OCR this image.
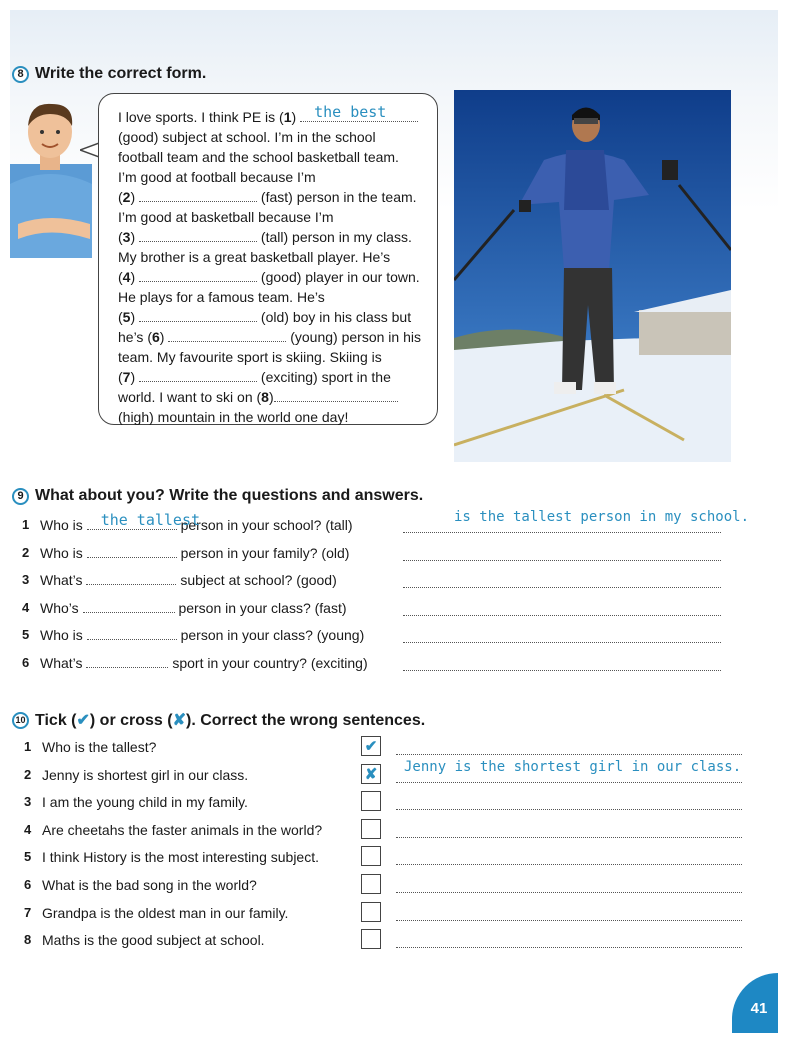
8 Write the correct form.
I love sports. I think PE is (1) the best
(good) subject at school. I’m in the school
football team and the school basketball team.
I’m good at football because I’m
(2)	(fast) person in the team.
I’m good at basketball because I’m
(3)	(tall) person in my class.
My brother is a great basketball player. He’s
(4)	(good) player in our town.
He plays for a famous team. He’s
(5)	(old) boy in his class but
he’s (6)	(young) person in his
team. My favourite sport is skiing. Skiing is
(7)	(exciting) sport in the
world. I want to ski on (8)
(high) mountain in the world one day!
9 What about you? Write the questions and answers.
1 Who is the tallest
person in your school? (tall)	is the tallest person in my school.
2 Who is	person in your family? (old)
3 What’s	subject at school? (good)
4 Who’s	person in your class? (fast)
5 Who is	person in your class? (young)
6 What’s	sport in your country? (exciting)
10 Tick (✔) or cross (✘). Correct the wrong sentences.
1 Who is the tallest?	✔
2 Jenny is shortest girl in our class.	✘ Jenny is the shortest girl in our class.
3 I am the young child in my family.
4 Are cheetahs the faster animals in the world?
5 I think History is the most interesting subject.
6 What is the bad song in the world?
7 Grandpa is the oldest man in our family.
8 Maths is the good subject at school.
41
